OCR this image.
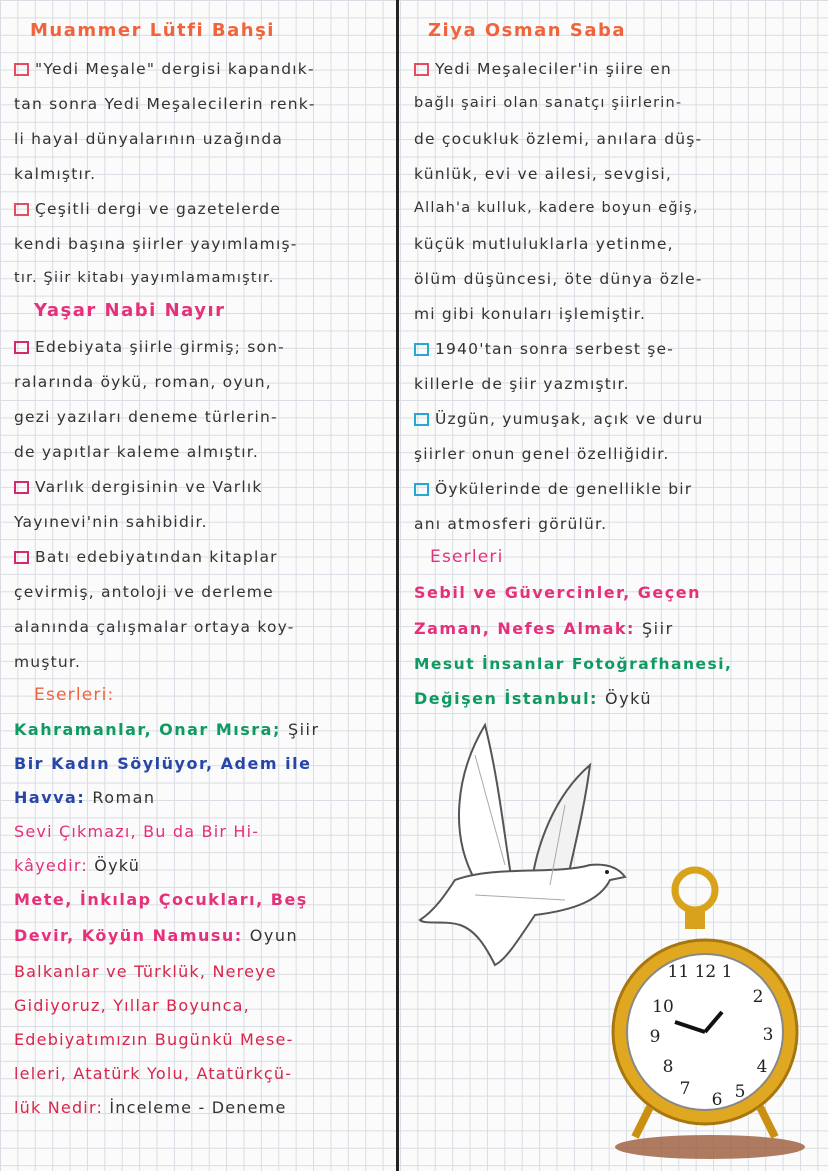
Muammer Lütfi Bahşi
"Yedi Meşale" dergisi kapandık-
tan sonra Yedi Meşalecilerin renk-
li hayal dünyalarının uzağında
kalmıştır.
Çeşitli dergi ve gazetelerde
kendi başına şiirler yayımlamış-
tır. Şiir kitabı yayımlamamıştır.
Yaşar Nabi Nayır
Edebiyata şiirle girmiş; son-
ralarında öykü, roman, oyun,
gezi yazıları deneme türlerin-
de yapıtlar kaleme almıştır.
Varlık dergisinin ve Varlık
Yayınevi'nin sahibidir.
Batı edebiyatından kitaplar
çevirmiş, antoloji ve derleme
alanında çalışmalar ortaya koy-
muştur.
Eserleri:
Kahramanlar, Onar Mısra; Şiir
Bir Kadın Söylüyor, Adem ile
Havva: Roman
Sevi Çıkmazı, Bu da Bir Hi-
kâyedir: Öykü
Mete, İnkılap Çocukları, Beş
Devir, Köyün Namusu: Oyun
Balkanlar ve Türklük, Nereye
Gidiyoruz, Yıllar Boyunca,
Edebiyatımızın Bugünkü Mese-
leleri, Atatürk Yolu, Atatürkçü-
lük Nedir: İnceleme - Deneme
Ziya Osman Saba
Yedi Meşaleciler'in şiire en
bağlı şairi olan sanatçı şiirlerin-
de çocukluk özlemi, anılara düş-
künlük, evi ve ailesi, sevgisi,
Allah'a kulluk, kadere boyun eğiş,
küçük mutluluklarla yetinme,
ölüm düşüncesi, öte dünya özle-
mi gibi konuları işlemiştir.
1940'tan sonra serbest şe-
killerle de şiir yazmıştır.
Üzgün, yumuşak, açık ve duru
şiirler onun genel özelliğidir.
Öykülerinde de genellikle bir
anı atmosferi görülür.
Eserleri
Sebil ve Güvercinler, Geçen
Zaman, Nefes Almak: Şiir
Mesut İnsanlar Fotoğrafhanesi,
Değişen İstanbul: Öykü
11 12 1
2
3
4
5
6
7
8
9
10
